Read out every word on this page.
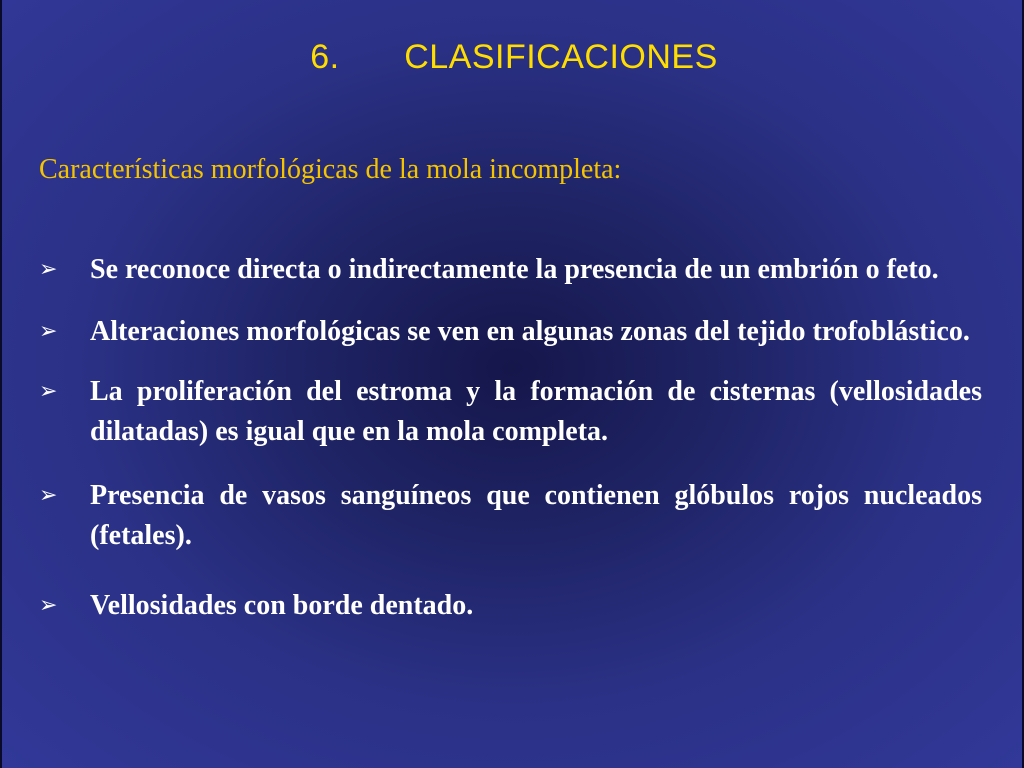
6. CLASIFICACIONES
Características morfológicas de la mola incompleta:
➢ Se reconoce directa o indirectamente la presencia de un embrión o feto.
➢ Alteraciones morfológicas se ven en algunas zonas del tejido trofoblástico.
➢ La proliferación del estroma y la formación de cisternas (vellosidades dilatadas) es igual que en la mola completa.
➢ Presencia de vasos sanguíneos que contienen glóbulos rojos nucleados (fetales).
➢ Vellosidades con borde dentado.
